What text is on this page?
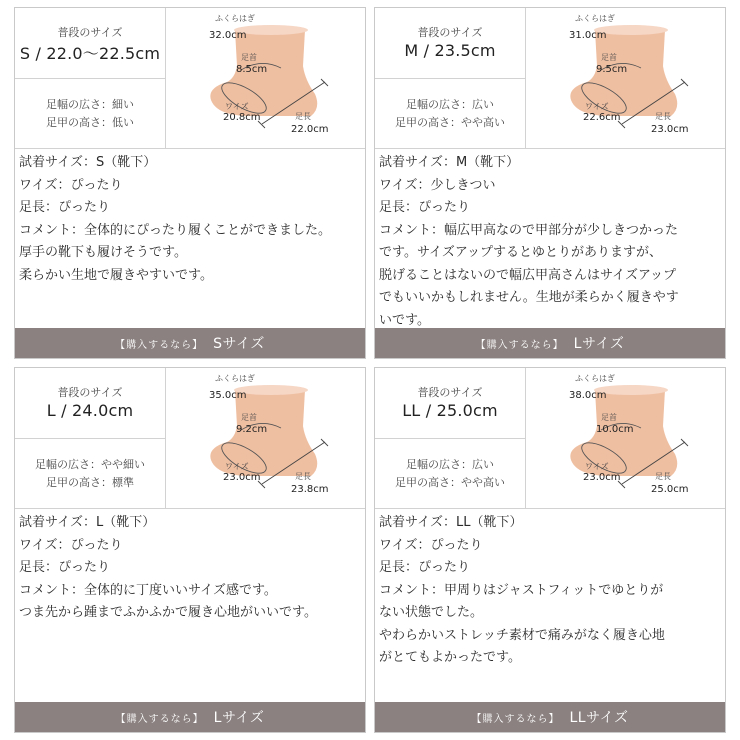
普段のサイズ
S / 22.0〜22.5cm
足幅の広さ：細い
足甲の高さ：低い
ふくらはぎ
32.0cm
足首
8.5cm
ワイズ
20.8cm	足長
22.0cm
試着サイズ：S（靴下）
ワイズ：ぴったり
足長：ぴったり
コメント：全体的にぴったり履くことができました。
厚手の靴下も履けそうです。
柔らかい生地で履きやすいです。
【購入するなら】 Sサイズ
普段のサイズ
M / 23.5cm
足幅の広さ：広い
足甲の高さ：やや高い
ふくらはぎ
31.0cm
足首
9.5cm
ワイズ
22.6cm	足長
23.0cm
試着サイズ：M（靴下）
ワイズ：少しきつい
足長：ぴったり
コメント：幅広甲高なので甲部分が少しきつかった
です。サイズアップするとゆとりがありますが、
脱げることはないので幅広甲高さんはサイズアップ
でもいいかもしれません。生地が柔らかく履きやす
いです。
【購入するなら】 Lサイズ
普段のサイズ
L / 24.0cm
足幅の広さ：やや細い
足甲の高さ：標準
ふくらはぎ
35.0cm
足首
9.2cm
ワイズ
23.0cm	足長
23.8cm
試着サイズ：L（靴下）
ワイズ：ぴったり
足長：ぴったり
コメント：全体的に丁度いいサイズ感です。
つま先から踵までふかふかで履き心地がいいです。
【購入するなら】 Lサイズ
普段のサイズ
LL / 25.0cm
足幅の広さ：広い
足甲の高さ：やや高い
ふくらはぎ
38.0cm
足首
10.0cm
ワイズ
23.0cm	足長
25.0cm
試着サイズ：LL（靴下）
ワイズ：ぴったり
足長：ぴったり
コメント：甲周りはジャストフィットでゆとりが
ない状態でした。
やわらかいストレッチ素材で痛みがなく履き心地
がとてもよかったです。
【購入するなら】 LLサイズ
